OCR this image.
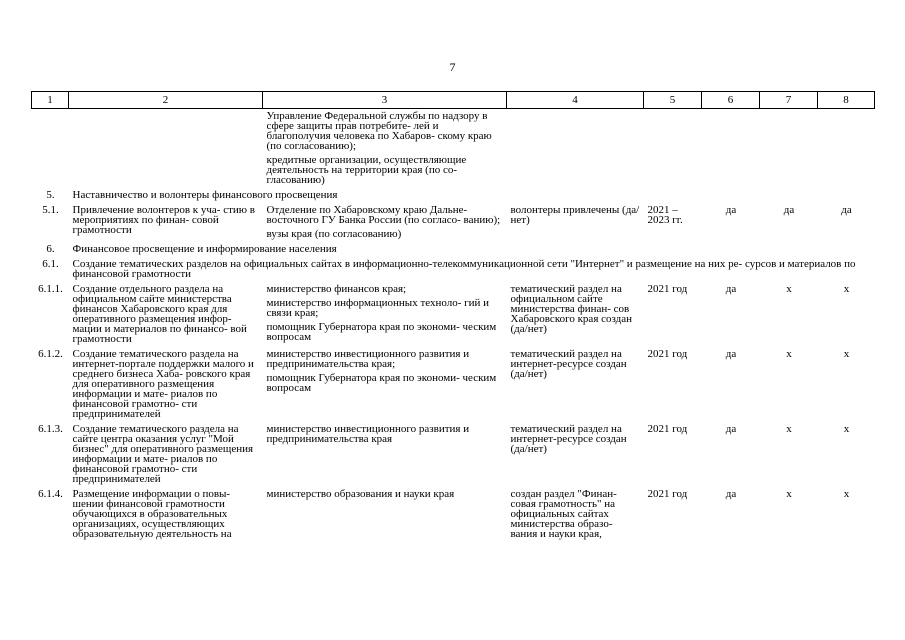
7
1	2	3	4	5	6	7	8

		Управление Федеральной службы по надзору в сфере защиты прав потребите- лей и благополучия человека по Хабаров- скому краю (по согласованию);
кредитные организации, осуществляющие деятельность на территории края (по со- гласованию)					

5.	Наставничество и волонтеры финансового просвещения						
5.1.	Привлечение волонтеров к уча- стию в мероприятиях по финан- совой грамотности	Отделение по Хабаровскому краю Дальне- восточного ГУ Банка России (по согласо- ванию);
вузы края (по согласованию)	волонтеры привлечены (да/нет)	2021 – 2023 гг.	да	да	да
6.	Финансовое просвещение и информирование населения						
6.1.	Создание тематических разделов на официальных сайтах в информационно-телекоммуникационной сети "Интернет" и размещение на них ре- сурсов и материалов по финансовой грамотности						
6.1.1.	Создание отдельного раздела на официальном сайте министерства финансов Хабаровского края для оперативного размещения инфор- мации и материалов по финансо- вой грамотности	министерство финансов края;
министерство информационных техноло- гий и связи края;
помощник Губернатора края по экономи- ческим вопросам	тематический раздел на официальном сайте министерства финан- сов Хабаровского края создан (да/нет)	2021 год	да	х	х
6.1.2.	Создание тематического раздела на интернет-портале поддержки малого и среднего бизнеса Хаба- ровского края для оперативного размещения информации и мате- риалов по финансовой грамотно- сти предпринимателей	министерство инвестиционного развития и предпринимательства края;
помощник Губернатора края по экономи- ческим вопросам	тематический раздел на интернет-ресурсе создан (да/нет)	2021 год	да	х	х
6.1.3.	Создание тематического раздела на сайте центра оказания услуг "Мой бизнес" для оперативного размещения информации и мате- риалов по финансовой грамотно- сти предпринимателей	министерство инвестиционного развития и предпринимательства края	тематический раздел на интернет-ресурсе создан (да/нет)	2021 год	да	х	х
6.1.4.	Размещение информации о повы- шении финансовой грамотности обучающихся в образовательных организациях, осуществляющих образовательную деятельность на	министерство образования и науки края	создан раздел "Финан- совая грамотность" на официальных сайтах министерства образо- вания и науки края,	2021 год	да	х	х
